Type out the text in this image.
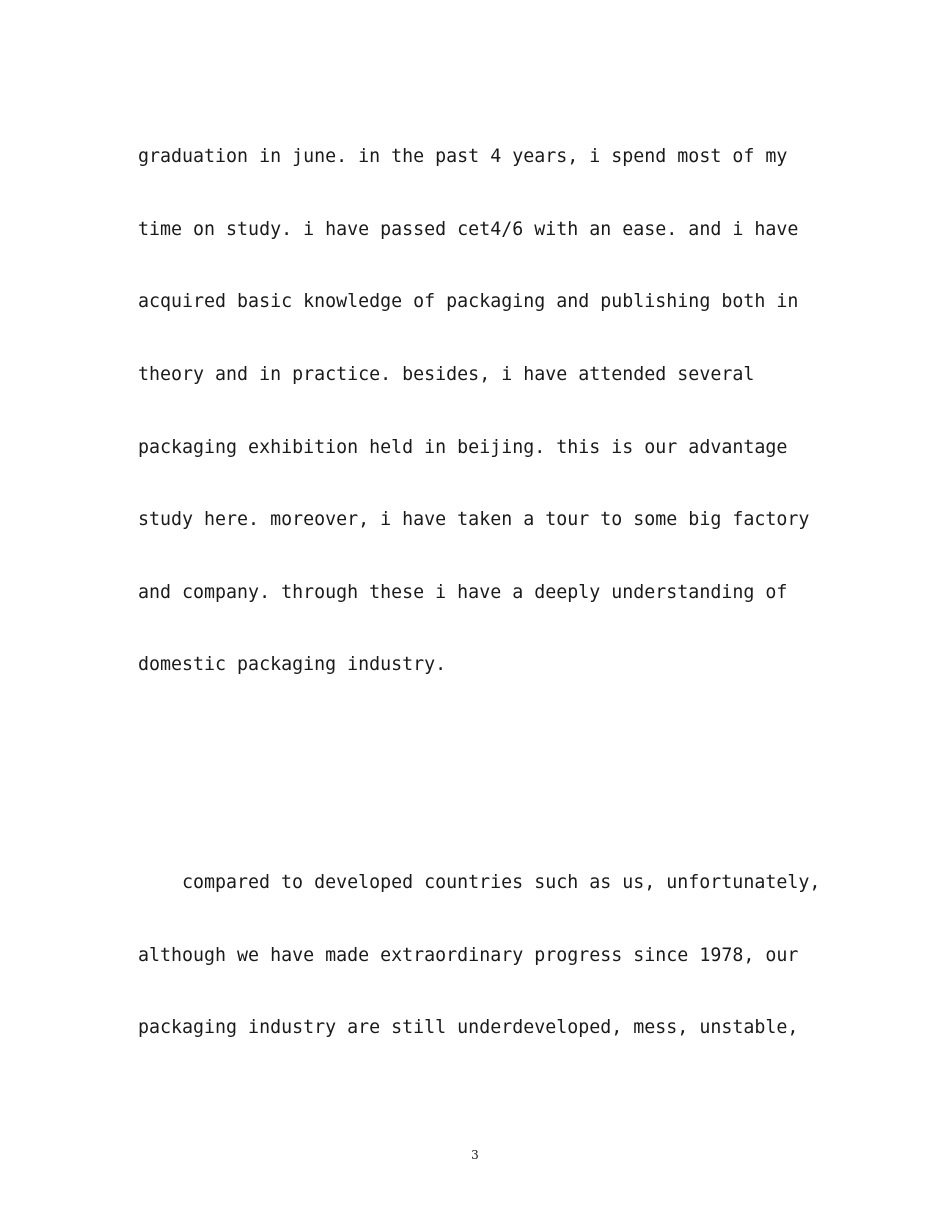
graduation in june. in the past 4 years, i spend most of my
time on study. i have passed cet4/6 with an ease. and i have
acquired basic knowledge of packaging and publishing both in
theory and in practice. besides, i have attended several
packaging exhibition held in beijing. this is our advantage
study here. moreover, i have taken a tour to some big factory
and company. through these i have a deeply understanding of
domestic packaging industry.
compared to developed countries such as us, unfortunately,
although we have made extraordinary progress since 1978, our
packaging industry are still underdeveloped, mess, unstable,
3
